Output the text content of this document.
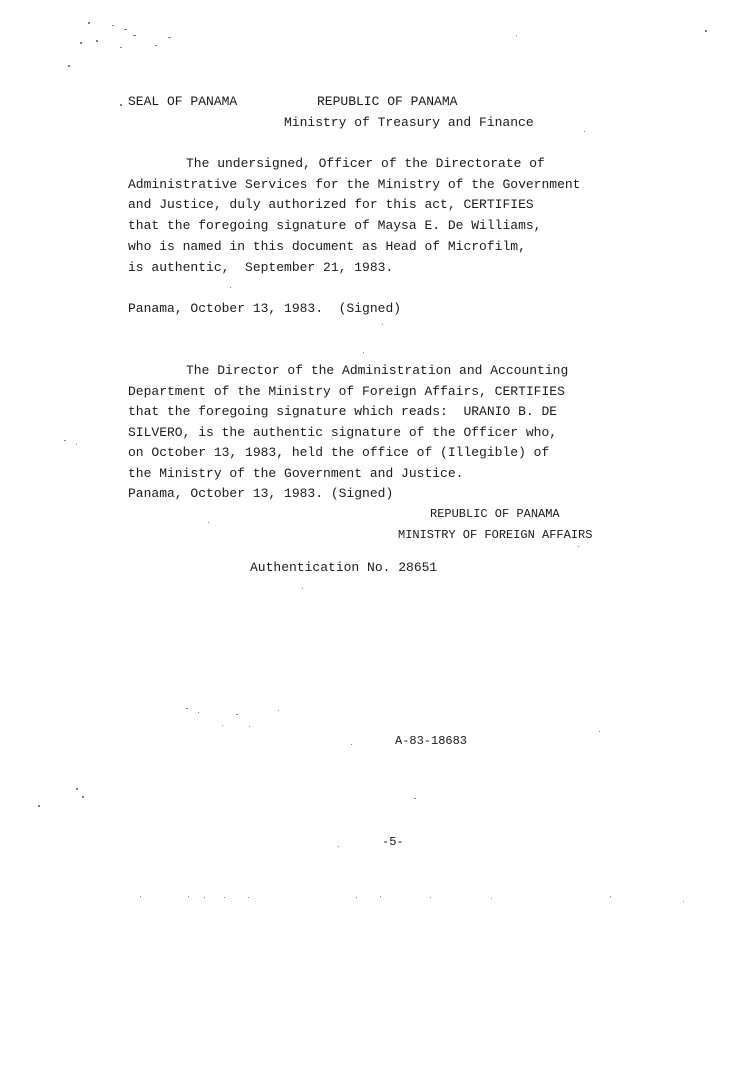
SEAL OF PANAMA	REPUBLIC OF PANAMA
Ministry of Treasury and Finance
The undersigned, Officer of the Directorate of
Administrative Services for the Ministry of the Government
and Justice, duly authorized for this act, CERTIFIES
that the foregoing signature of Maysa E. De Williams,
who is named in this document as Head of Microfilm,
is authentic,  September 21, 1983.
Panama, October 13, 1983.  (Signed)
The Director of the Administration and Accounting
Department of the Ministry of Foreign Affairs, CERTIFIES
that the foregoing signature which reads:  URANIO B. DE
SILVERO, is the authentic signature of the Officer who,
on October 13, 1983, held the office of (Illegible) of
the Ministry of the Government and Justice.
Panama, October 13, 1983. (Signed)
REPUBLIC OF PANAMA
MINISTRY OF FOREIGN AFFAIRS
Authentication No. 28651
A-83-18683
-5-
